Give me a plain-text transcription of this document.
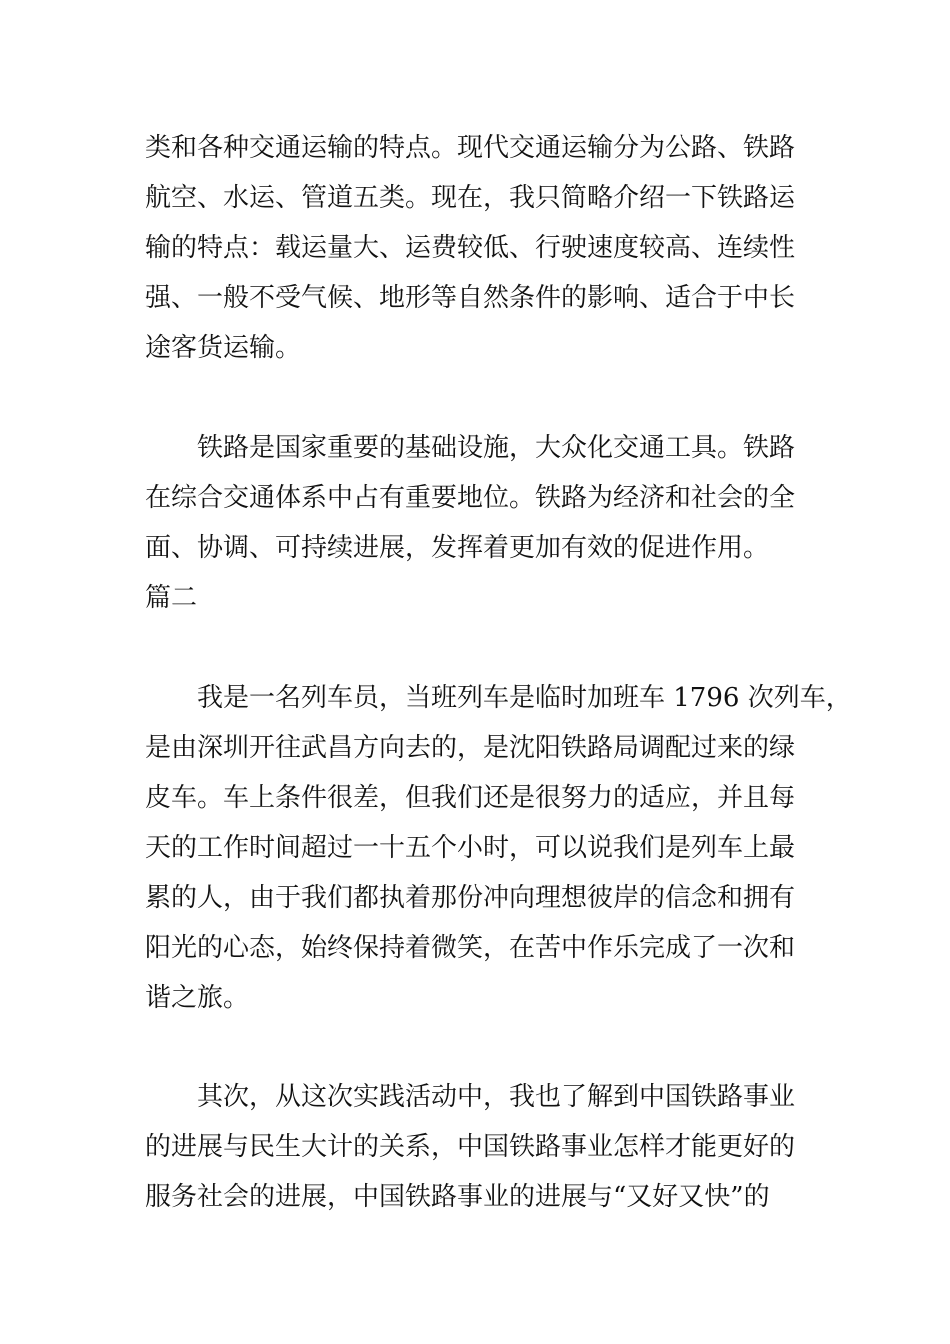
类和各种交通运输的特点。现代交通运输分为公路、铁路
航空、水运、管道五类。现在，我只简略介绍一下铁路运
输的特点：载运量大、运费较低、行驶速度较高、连续性
强、一般不受气候、地形等自然条件的影响、适合于中长
途客货运输。
铁路是国家重要的基础设施，大众化交通工具。铁路
在综合交通体系中占有重要地位。铁路为经济和社会的全
面、协调、可持续进展，发挥着更加有效的促进作用。
篇二
我是一名列车员，当班列车是临时加班车 1796 次列车，
是由深圳开往武昌方向去的，是沈阳铁路局调配过来的绿
皮车。车上条件很差，但我们还是很努力的适应，并且每
天的工作时间超过一十五个小时，可以说我们是列车上最
累的人，由于我们都执着那份冲向理想彼岸的信念和拥有
阳光的心态，始终保持着微笑，在苦中作乐完成了一次和
谐之旅。
其次，从这次实践活动中，我也了解到中国铁路事业
的进展与民生大计的关系，中国铁路事业怎样才能更好的
服务社会的进展，中国铁路事业的进展与“又好又快”的
